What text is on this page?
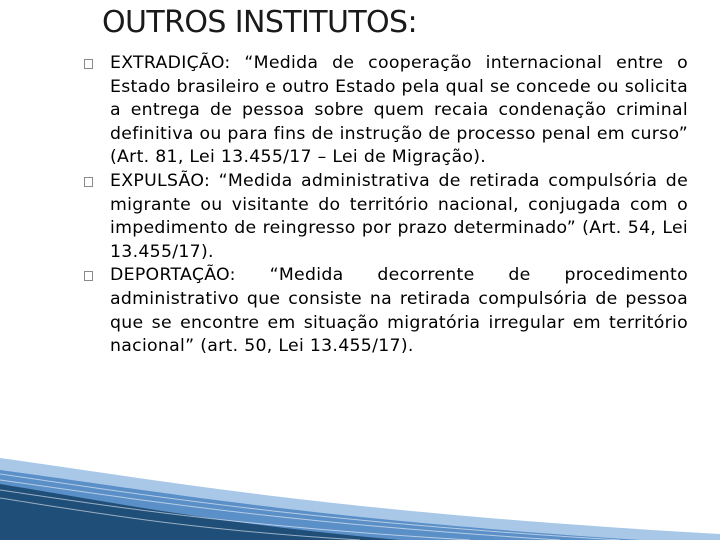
OUTROS INSTITUTOS:
EXTRADIÇÃO: “Medida de cooperação internacional entre o Estado brasileiro e outro Estado pela qual se concede ou solicita a entrega de pessoa sobre quem recaia condenação criminal definitiva ou para fins de instrução de processo penal em curso” (Art. 81, Lei 13.455/17 – Lei de Migração).
EXPULSÃO: “Medida administrativa de retirada compulsória de migrante ou visitante do território nacional, conjugada com o impedimento de reingresso por prazo determinado” (Art. 54, Lei 13.455/17).
DEPORTAÇÃO: “Medida decorrente de procedimento administrativo que consiste na retirada compulsória de pessoa que se encontre em situação migratória irregular em território nacional” (art. 50, Lei 13.455/17).
